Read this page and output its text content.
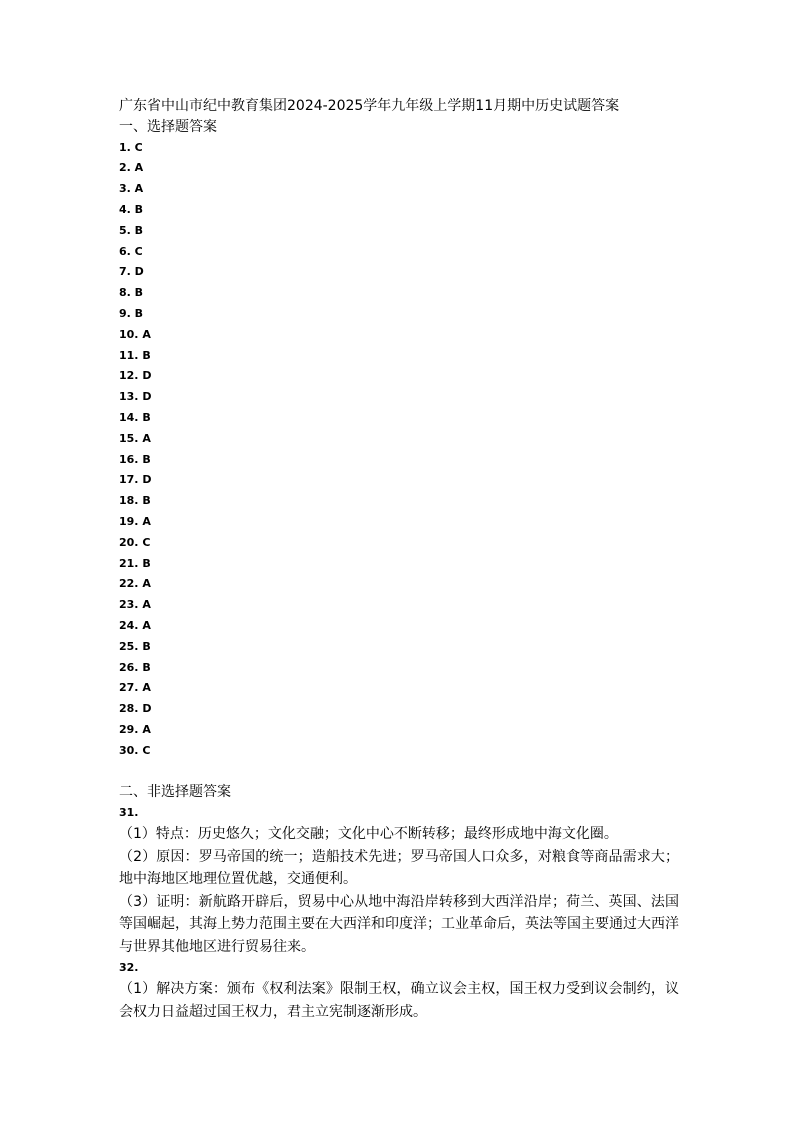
广东省中山市纪中教育集团2024-2025学年九年级上学期11月期中历史试题答案
一、选择题答案
1. C
2. A
3. A
4. B
5. B
6. C
7. D
8. B
9. B
10. A
11. B
12. D
13. D
14. B
15. A
16. B
17. D
18. B
19. A
20. C
21. B
22. A
23. A
24. A
25. B
26. B
27. A
28. D
29. A
30. C
二、非选择题答案
31.
（1）特点：历史悠久；文化交融；文化中心不断转移；最终形成地中海文化圈。
（2）原因：罗马帝国的统一；造船技术先进；罗马帝国人口众多，对粮食等商品需求大；地中海地区地理位置优越，交通便利。
（3）证明：新航路开辟后，贸易中心从地中海沿岸转移到大西洋沿岸；荷兰、英国、法国等国崛起，其海上势力范围主要在大西洋和印度洋；工业革命后，英法等国主要通过大西洋与世界其他地区进行贸易往来。
32.
（1）解决方案：颁布《权利法案》限制王权，确立议会主权，国王权力受到议会制约，议会权力日益超过国王权力，君主立宪制逐渐形成。
